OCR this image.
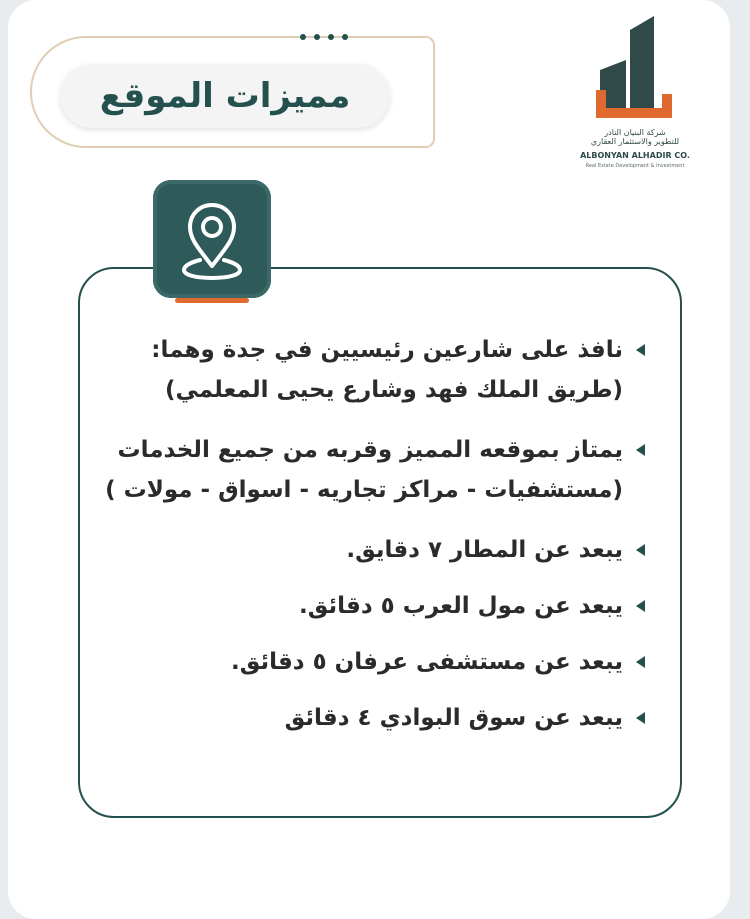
مميزات الموقع
شركة البنيان النادر
للتطوير والاستثمار العقاري
ALBONYAN ALHADIR CO.
Real Estate Development & Investment
نافذ على شارعين رئيسيين في جدة وهما:
(طريق الملك فهد وشارع يحيى المعلمي)
يمتاز بموقعه المميز وقربه من جميع الخدمات
(مستشفيات - مراكز تجاريه - اسواق - مولات )
يبعد عن المطار ٧ دقايق.
يبعد عن مول العرب ٥ دقائق.
يبعد عن مستشفى عرفان ٥ دقائق.
يبعد عن سوق البوادي ٤ دقائق
